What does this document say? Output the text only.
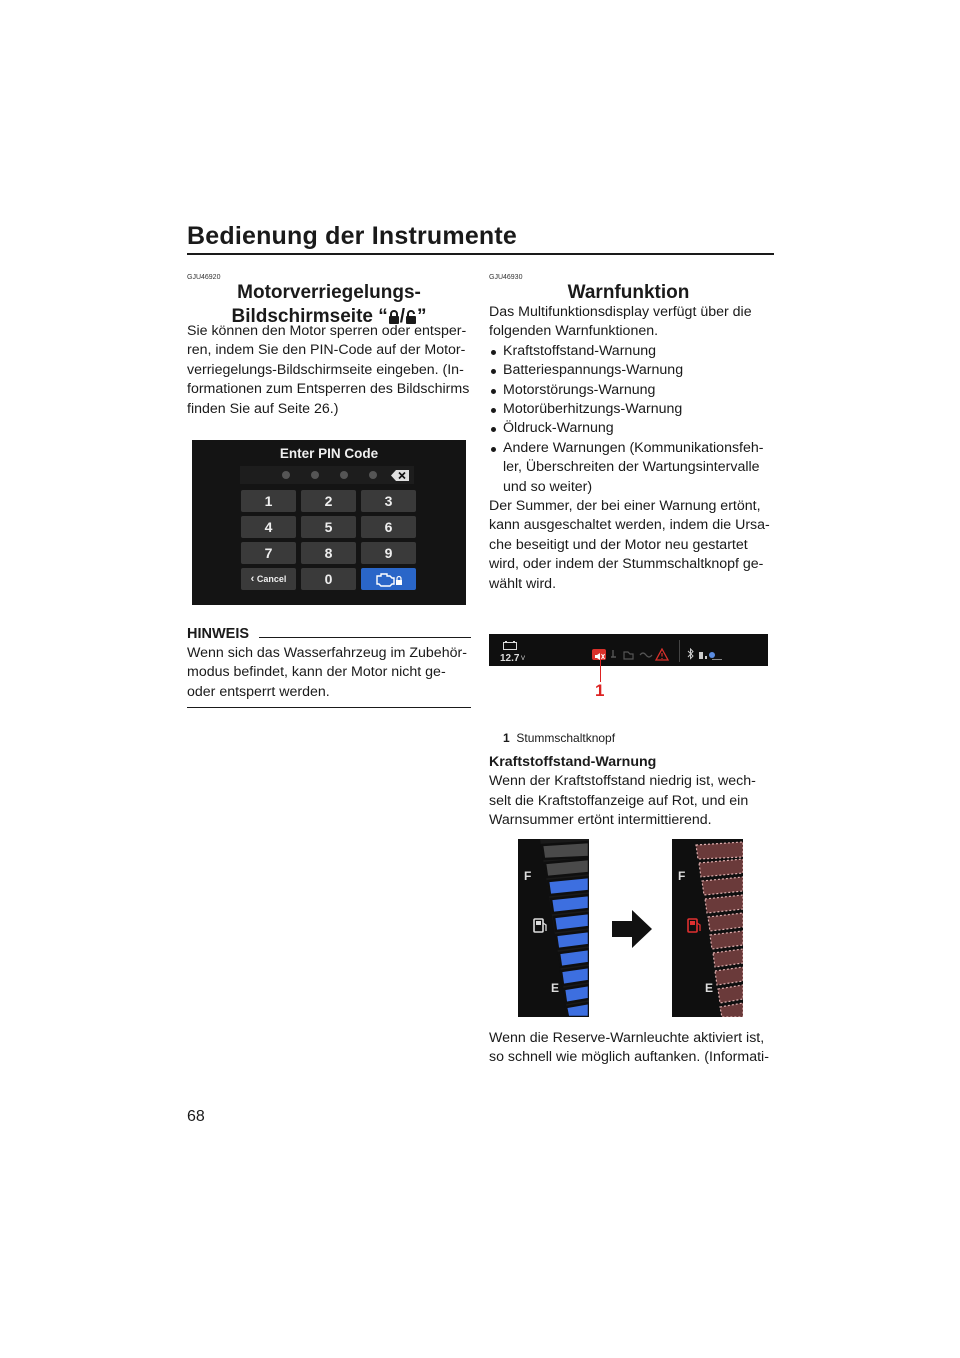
Bedienung der Instrumente
GJU46920
Motorverriegelungs-
Bildschirmseite “ / ”

Sie können den Motor sperren oder entsper-

ren, indem Sie den PIN-Code auf der Motor-

verriegelungs-Bildschirmseite eingeben. (In-

formationen zum Entsperren des Bildschirms

finden Sie auf Seite 26.)

Enter PIN Code
1	2	3
4	5	6
7	8	9
‹ Cancel	0
HINWEIS

Wenn sich das Wasserfahrzeug im Zubehör-

modus befindet, kann der Motor nicht ge-

oder entsperrt werden.

GJU46930
Warnfunktion

Das Multifunktionsdisplay verfügt über die

folgenden Warnfunktionen.

Kraftstoffstand-Warnung
Batteriespannungs-Warnung
Motorstörungs-Warnung
Motorüberhitzungs-Warnung
Öldruck-Warnung
Andere Warnungen (Kommunikationsfeh-
ler, Überschreiten der Wartungsintervalle
und so weiter)

Der Summer, der bei einer Warnung ertönt,

kann ausgeschaltet werden, indem die Ursa-

che beseitigt und der Motor neu gestartet

wird, oder indem der Stummschaltknopf ge-

wählt wird.

12.7 V
1
1 Stummschaltknopf

Kraftstoffstand-Warnung

Wenn der Kraftstoffstand niedrig ist, wech-

selt die Kraftstoffanzeige auf Rot, und ein

Warnsummer ertönt intermittierend.

F
E
F
E

Wenn die Reserve-Warnleuchte aktiviert ist,

so schnell wie möglich auftanken. (Informati-

68
